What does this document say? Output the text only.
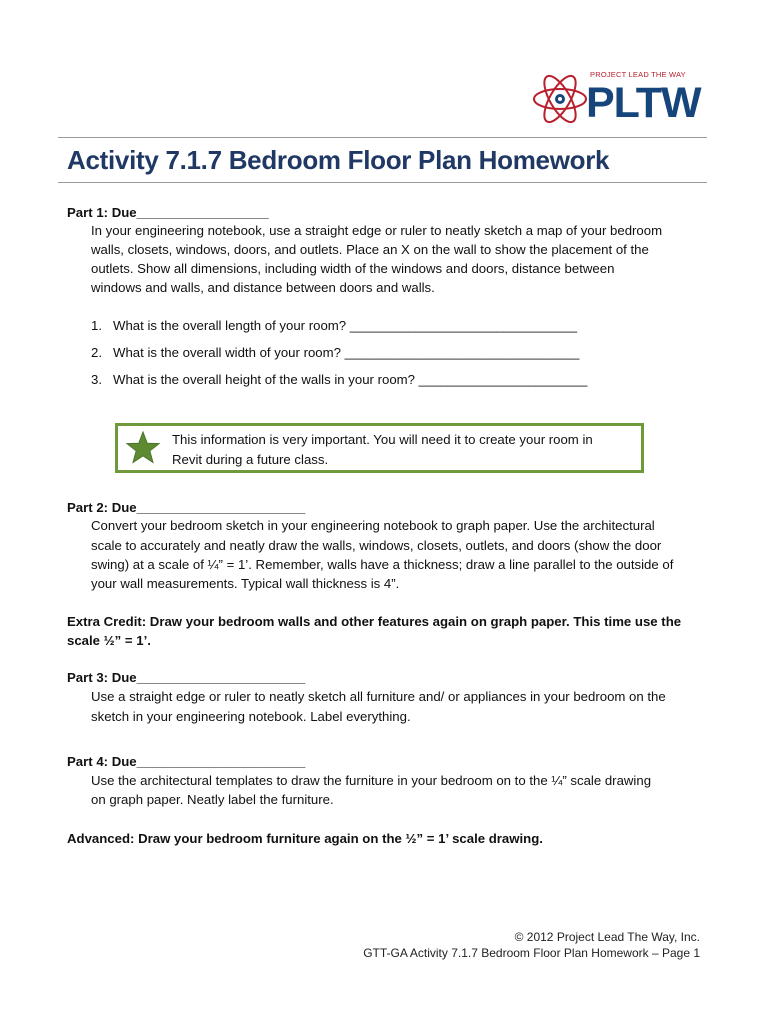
PROJECT LEAD THE WAY
PLTW
Activity 7.1.7 Bedroom Floor Plan Homework
Part 1: Due__________________
In your engineering notebook, use a straight edge or ruler to neatly sketch a map of your bedroom
walls, closets, windows, doors, and outlets. Place an X on the wall to show the placement of the
outlets. Show all dimensions, including width of the windows and doors, distance between
windows and walls, and distance between doors and walls.
1. What is the overall length of your room? _______________________________
2. What is the overall width of your room? ________________________________
3. What is the overall height of the walls in your room? _______________________
This information is very important. You will need it to create your room in
Revit during a future class.
Part 2: Due_______________________
Convert your bedroom sketch in your engineering notebook to graph paper. Use the architectural
scale to accurately and neatly draw the walls, windows, closets, outlets, and doors (show the door
swing) at a scale of ¼” = 1’. Remember, walls have a thickness; draw a line parallel to the outside of
your wall measurements. Typical wall thickness is 4”.
Extra Credit: Draw your bedroom walls and other features again on graph paper. This time use the
scale ½” = 1’.
Part 3: Due_______________________
Use a straight edge or ruler to neatly sketch all furniture and/ or appliances in your bedroom on the
sketch in your engineering notebook. Label everything.
Part 4: Due_______________________
Use the architectural templates to draw the furniture in your bedroom on to the ¼” scale drawing
on graph paper. Neatly label the furniture.
Advanced: Draw your bedroom furniture again on the ½” = 1’ scale drawing.
© 2012 Project Lead The Way, Inc.
GTT-GA Activity 7.1.7 Bedroom Floor Plan Homework – Page 1
